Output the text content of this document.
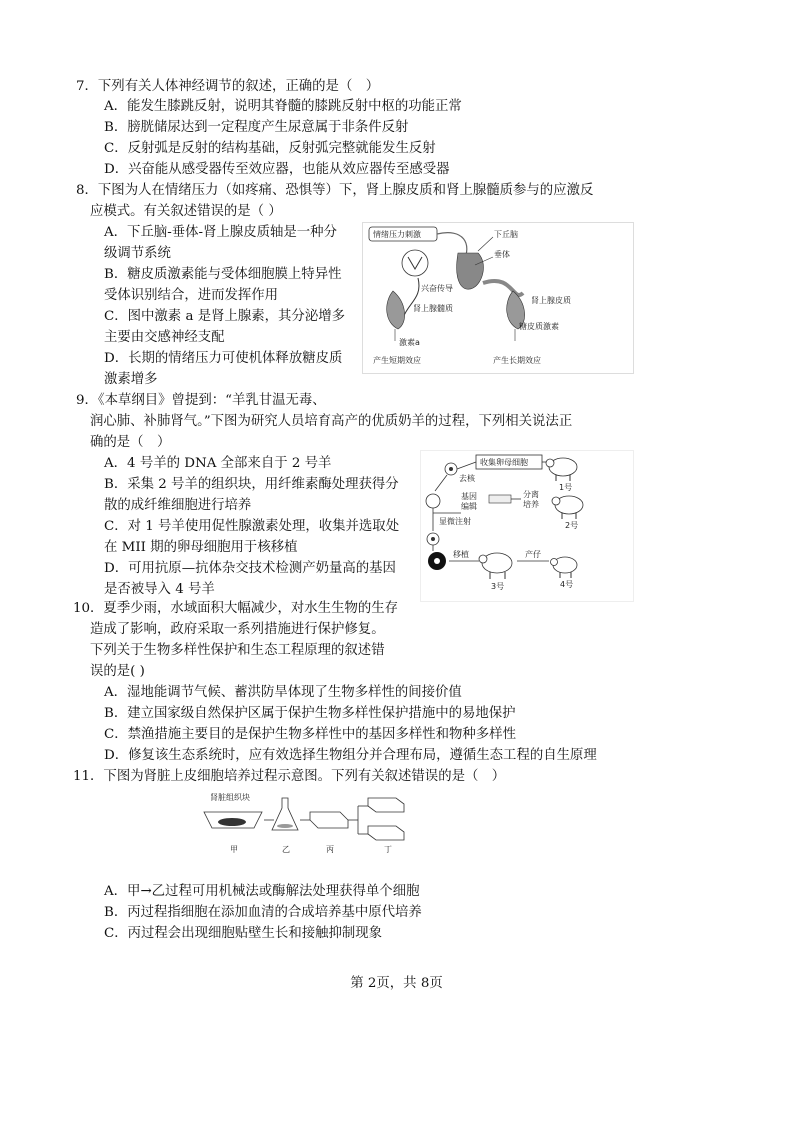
7．下列有关人体神经调节的叙述，正确的是（　）
A．能发生膝跳反射，说明其脊髓的膝跳反射中枢的功能正常
B．膀胱储尿达到一定程度产生尿意属于非条件反射
C．反射弧是反射的结构基础，反射弧完整就能发生反射
D．兴奋能从感受器传至效应器，也能从效应器传至感受器
8．下图为人在情绪压力（如疼痛、恐惧等）下，肾上腺皮质和肾上腺髓质参与的应激反
应模式。有关叙述错误的是（ ）
A．下丘脑-垂体-肾上腺皮质轴是一种分
级调节系统
B．糖皮质激素能与受体细胞膜上特异性
受体识别结合，进而发挥作用
C．图中激素 a 是肾上腺素，其分泌增多
主要由交感神经支配
D．长期的情绪压力可使机体释放糖皮质
激素增多
情绪压力刺激	下丘脑
垂体
兴奋传导
肾上腺髓质
激素a
产生短期效应
肾上腺皮质
糖皮质激素
产生长期效应
9．《本草纲目》曾提到：“羊乳甘温无毒、
润心肺、补肺肾气。”下图为研究人员培育高产的优质奶羊的过程，下列相关说法正
确的是（　）
A．4 号羊的 DNA 全部来自于 2 号羊
B．采集 2 号羊的组织块，用纤维素酶处理获得分
散的成纤维细胞进行培养
C．对 1 号羊使用促性腺激素处理，收集并选取处
在 MII 期的卵母细胞用于核移植
D．可用抗原—抗体杂交技术检测产奶量高的基因
是否被导入 4 号羊
收集卵母细胞
1号
去核
基因
编辑
分离
培养
2号
显微注射
移植
3号
产仔
4号
10．夏季少雨，水域面积大幅减少，对水生生物的生存
造成了影响，政府采取一系列措施进行保护修复。
下列关于生物多样性保护和生态工程原理的叙述错
误的是( )
A．湿地能调节气候、蓄洪防旱体现了生物多样性的间接价值
B．建立国家级自然保护区属于保护生物多样性保护措施中的易地保护
C．禁渔措施主要目的是保护生物多样性中的基因多样性和物种多样性
D．修复该生态系统时，应有效选择生物组分并合理布局，遵循生态工程的自生原理
11．下图为肾脏上皮细胞培养过程示意图。下列有关叙述错误的是（　）
肾脏组织块
甲	乙	丙	丁
A．甲→乙过程可用机械法或酶解法处理获得单个细胞
B．丙过程指细胞在添加血清的合成培养基中原代培养
C．丙过程会出现细胞贴壁生长和接触抑制现象
第 2页，共 8页
